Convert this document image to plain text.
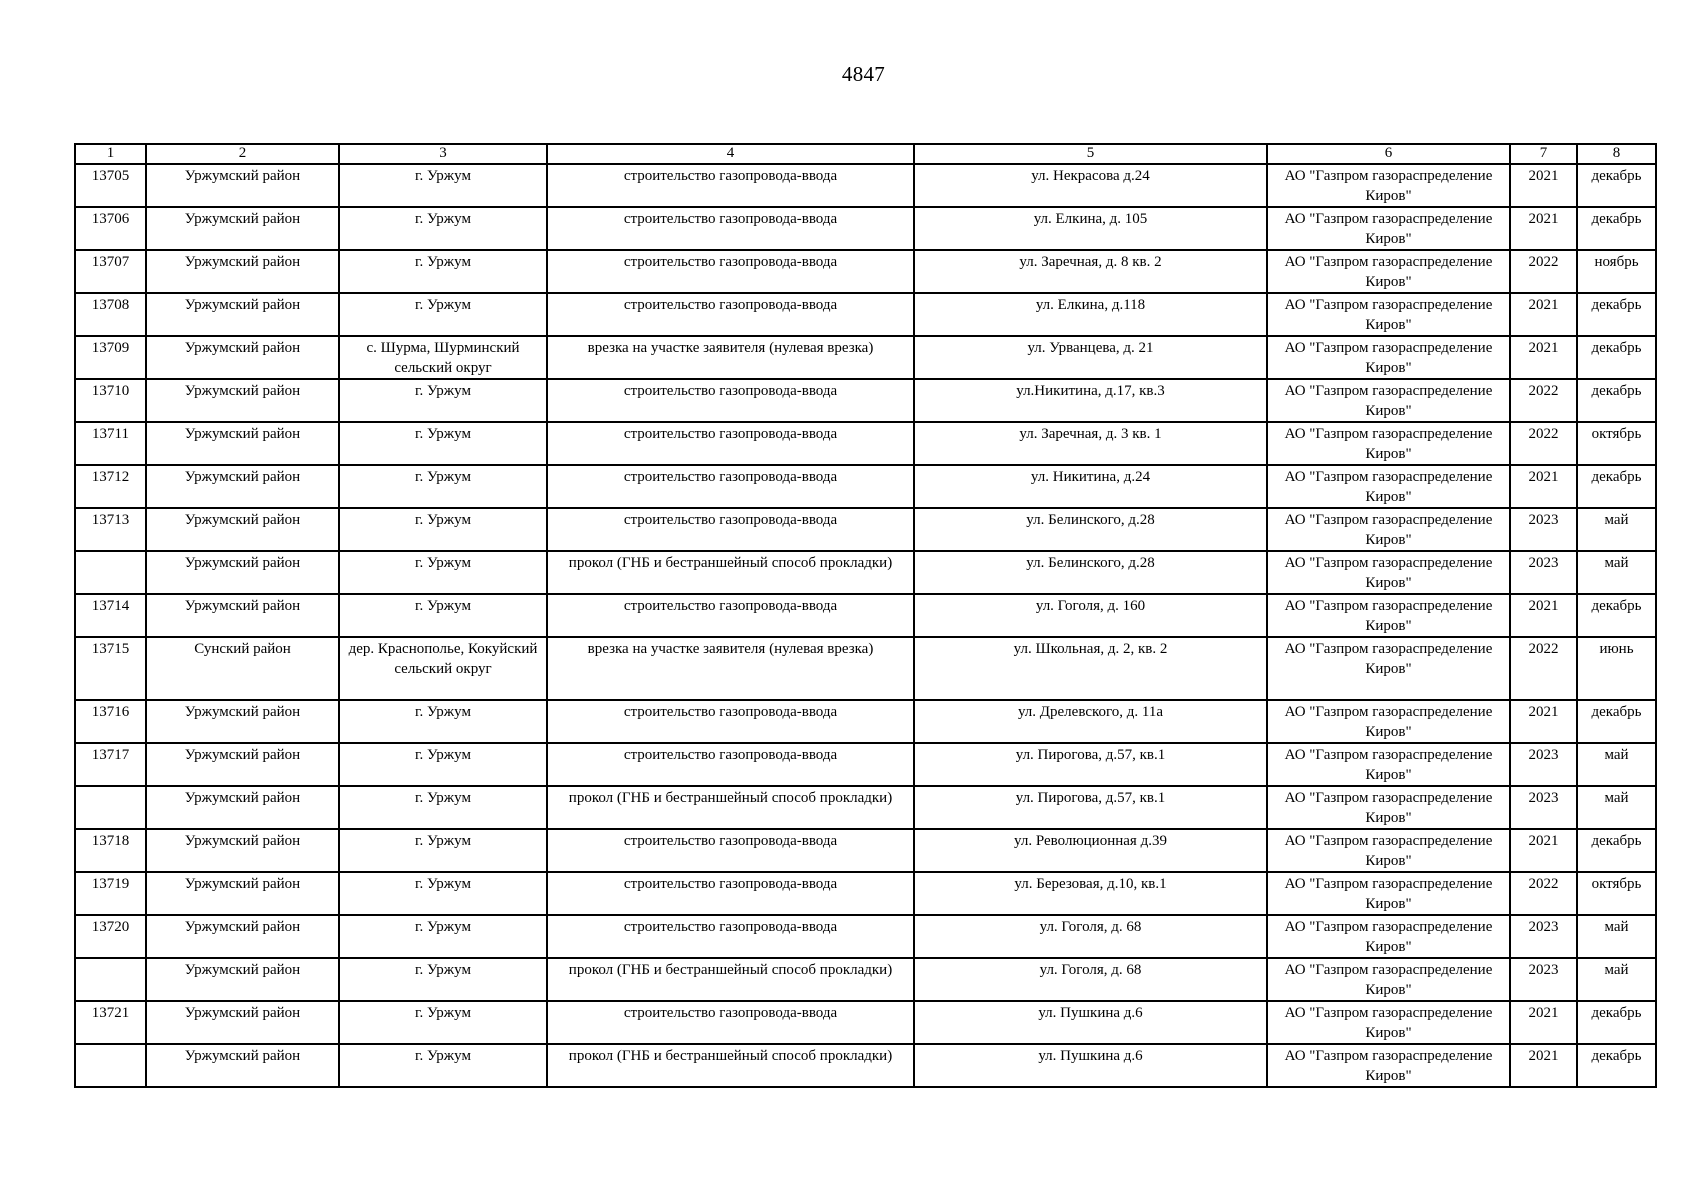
4847
1	2	3	4	5	6	7	8
13705	Уржумский район	г. Уржум	строительство газопровода-ввода	ул. Некрасова д.24	АО "Газпром газораспределение Киров"	2021	декабрь
13706	Уржумский район	г. Уржум	строительство газопровода-ввода	ул. Елкина, д. 105	АО "Газпром газораспределение Киров"	2021	декабрь
13707	Уржумский район	г. Уржум	строительство газопровода-ввода	ул. Заречная, д. 8 кв. 2	АО "Газпром газораспределение Киров"	2022	ноябрь
13708	Уржумский район	г. Уржум	строительство газопровода-ввода	ул. Елкина, д.118	АО "Газпром газораспределение Киров"	2021	декабрь
13709	Уржумский район	с. Шурма, Шурминский сельский округ	врезка на участке заявителя (нулевая врезка)	ул. Урванцева, д. 21	АО "Газпром газораспределение Киров"	2021	декабрь
13710	Уржумский район	г. Уржум	строительство газопровода-ввода	ул.Никитина, д.17, кв.3	АО "Газпром газораспределение Киров"	2022	декабрь
13711	Уржумский район	г. Уржум	строительство газопровода-ввода	ул. Заречная, д. 3 кв. 1	АО "Газпром газораспределение Киров"	2022	октябрь
13712	Уржумский район	г. Уржум	строительство газопровода-ввода	ул. Никитина, д.24	АО "Газпром газораспределение Киров"	2021	декабрь
13713	Уржумский район	г. Уржум	строительство газопровода-ввода	ул. Белинского, д.28	АО "Газпром газораспределение Киров"	2023	май
	Уржумский район	г. Уржум	прокол (ГНБ и бестраншейный способ прокладки)	ул. Белинского, д.28	АО "Газпром газораспределение Киров"	2023	май
13714	Уржумский район	г. Уржум	строительство газопровода-ввода	ул. Гоголя, д. 160	АО "Газпром газораспределение Киров"	2021	декабрь
13715	Сунский район	дер. Краснополье, Кокуйский сельский округ	врезка на участке заявителя (нулевая врезка)	ул. Школьная, д. 2, кв. 2	АО "Газпром газораспределение Киров"	2022	июнь
13716	Уржумский район	г. Уржум	строительство газопровода-ввода	ул. Дрелевского, д. 11а	АО "Газпром газораспределение Киров"	2021	декабрь
13717	Уржумский район	г. Уржум	строительство газопровода-ввода	ул. Пирогова, д.57, кв.1	АО "Газпром газораспределение Киров"	2023	май
	Уржумский район	г. Уржум	прокол (ГНБ и бестраншейный способ прокладки)	ул. Пирогова, д.57, кв.1	АО "Газпром газораспределение Киров"	2023	май
13718	Уржумский район	г. Уржум	строительство газопровода-ввода	ул. Революционная д.39	АО "Газпром газораспределение Киров"	2021	декабрь
13719	Уржумский район	г. Уржум	строительство газопровода-ввода	ул. Березовая, д.10, кв.1	АО "Газпром газораспределение Киров"	2022	октябрь
13720	Уржумский район	г. Уржум	строительство газопровода-ввода	ул. Гоголя, д. 68	АО "Газпром газораспределение Киров"	2023	май
	Уржумский район	г. Уржум	прокол (ГНБ и бестраншейный способ прокладки)	ул. Гоголя, д. 68	АО "Газпром газораспределение Киров"	2023	май
13721	Уржумский район	г. Уржум	строительство газопровода-ввода	ул. Пушкина д.6	АО "Газпром газораспределение Киров"	2021	декабрь
	Уржумский район	г. Уржум	прокол (ГНБ и бестраншейный способ прокладки)	ул. Пушкина д.6	АО "Газпром газораспределение Киров"	2021	декабрь
